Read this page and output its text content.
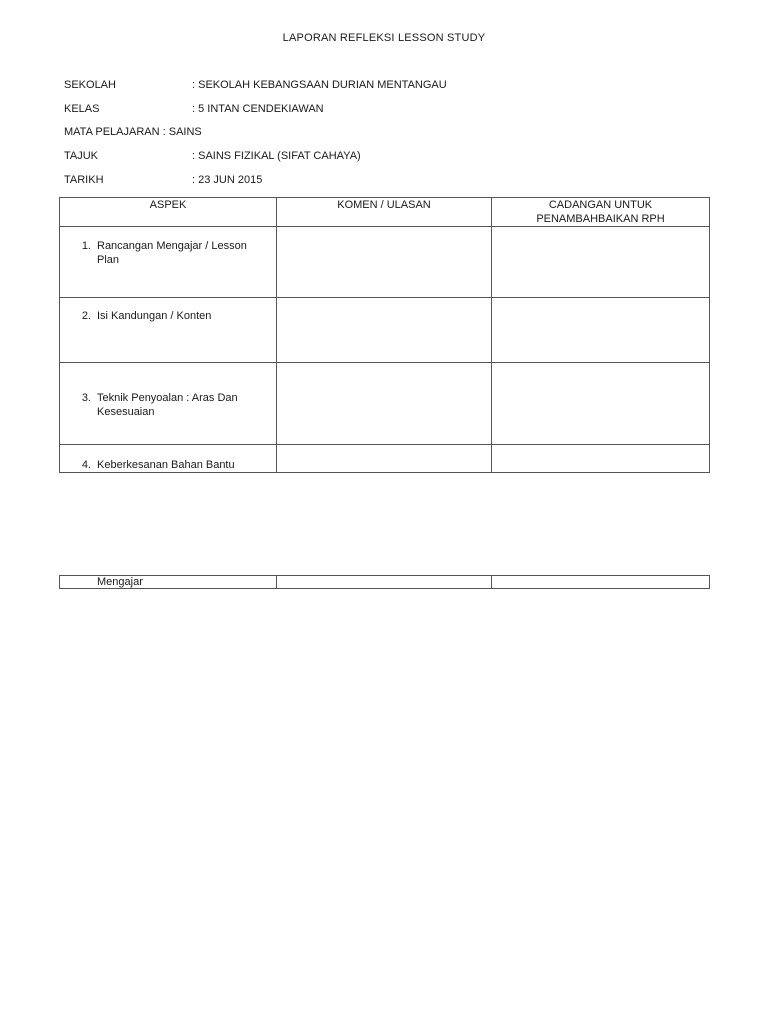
LAPORAN REFLEKSI LESSON STUDY
SEKOLAH	: SEKOLAH KEBANGSAAN DURIAN MENTANGAU
KELAS	: 5 INTAN CENDEKIAWAN
MATA PELAJARAN : SAINS
TAJUK	: SAINS FIZIKAL (SIFAT CAHAYA)
TARIKH	: 23 JUN 2015
ASPEK	KOMEN / ULASAN	CADANGAN UNTUK
PENAMBAHBAIKAN RPH

1. Rancangan Mengajar / Lesson
Plan		

2. Isi Kandungan / Konten		

3. Teknik Penyoalan : Aras Dan
Kesesuaian		

4. Keberkesanan Bahan Bantu		

Mengajar
